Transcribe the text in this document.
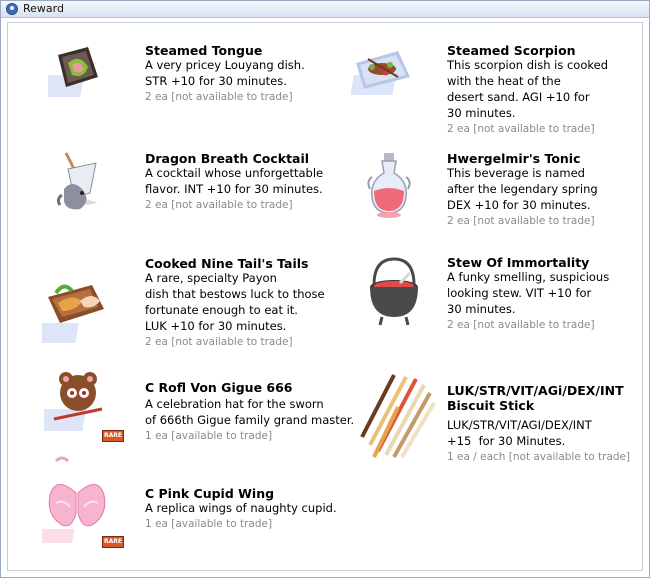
Reward
Steamed Tongue
A very pricey Louyang dish.
STR +10 for 30 minutes.
2 ea [not available to trade]
Steamed Scorpion
This scorpion dish is cooked
with the heat of the
desert sand. AGI +10 for
30 minutes.
2 ea [not available to trade]
Dragon Breath Cocktail
A cocktail whose unforgettable
flavor. INT +10 for 30 minutes.
2 ea [not available to trade]
Hwergelmir's Tonic
This beverage is named
after the legendary spring
DEX +10 for 30 minutes.
2 ea [not available to trade]
Cooked Nine Tail's Tails
A rare, specialty Payon
dish that bestows luck to those
fortunate enough to eat it.
LUK +10 for 30 minutes.
2 ea [not available to trade]
Stew Of Immortality
A funky smelling, suspicious
looking stew. VIT +10 for
30 minutes.
2 ea [not available to trade]
RARE
C Rofl Von Gigue 666
A celebration hat for the sworn
of 666th Gigue family grand master.
1 ea [available to trade]
LUK/STR/VIT/AGi/DEX/INT
Biscuit Stick
LUK/STR/VIT/AGI/DEX/INT
+15  for 30 Minutes.
1 ea / each [not available to trade]
RARE
C Pink Cupid Wing
A replica wings of naughty cupid.
1 ea [available to trade]
